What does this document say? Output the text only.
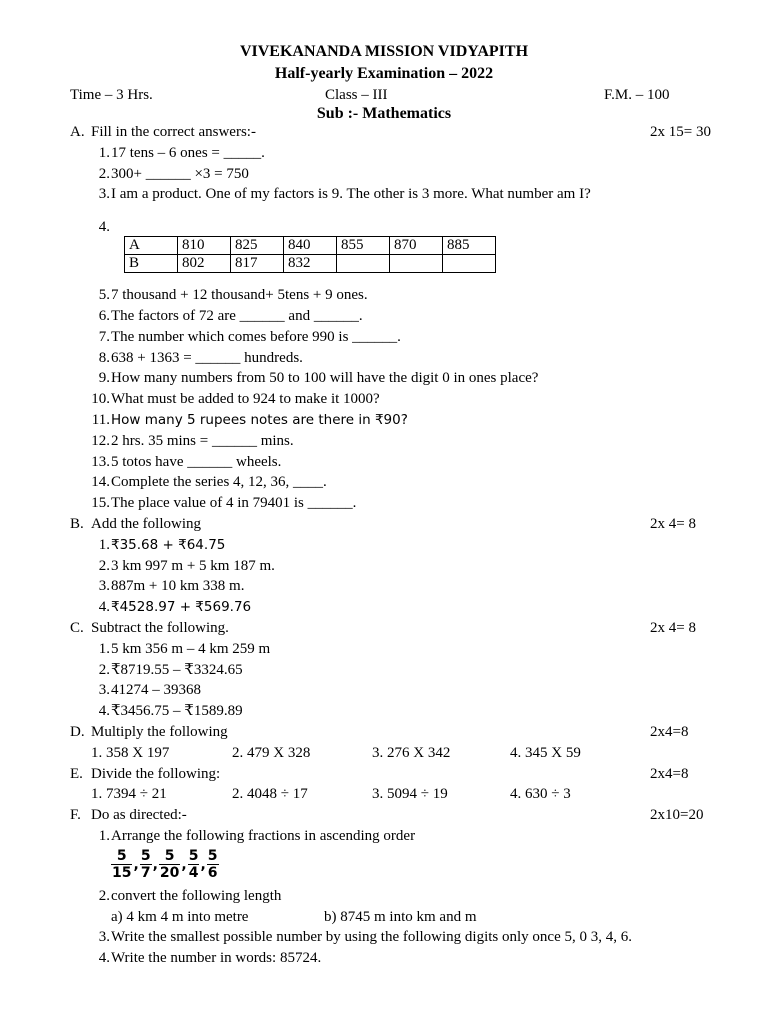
VIVEKANANDA MISSION VIDYAPITH
Half-yearly Examination – 2022
Time – 3 Hrs.	Class – III	F.M. – 100
Sub :- Mathematics
A. Fill in the correct answers:-	2x 15= 30
1. 17 tens – 6 ones = _____.
2. 300+ ______ ×3 = 750
3. I am a product. One of my factors is 9. The other is 3 more. What number am I?
4.
A	810	825	840	855	870	885
B	802	817	832			
5. 7 thousand + 12 thousand+ 5tens + 9 ones.
6. The factors of 72 are ______ and ______.
7. The number which comes before 990 is ______.
8. 638 + 1363 = ______ hundreds.
9. How many numbers from 50 to 100 will have the digit 0 in ones place?
10. What must be added to 924 to make it 1000?
11. How many 5 rupees notes are there in ₹90?
12. 2 hrs. 35 mins = ______ mins.
13. 5 totos have ______ wheels.
14. Complete the series 4, 12, 36, ____.
15. The place value of 4 in 79401 is ______.
B. Add the following	2x 4= 8
1. ₹35.68 + ₹64.75
2. 3 km 997 m + 5 km 187 m.
3. 887m + 10 km 338 m.
4. ₹4528.97 + ₹569.76
C. Subtract the following.	2x 4= 8
1. 5 km 356 m – 4 km 259 m
2. ₹8719.55 – ₹3324.65
3. 41274 – 39368
4. ₹3456.75 – ₹1589.89
D. Multiply the following	2x4=8
1. 358 X 197	2. 479 X 328	3. 276 X 342	4. 345 X 59
E. Divide the following:	2x4=8
1. 7394 ÷ 21	2. 4048 ÷ 17	3. 5094 ÷ 19	4. 630 ÷ 3
F. Do as directed:-	2x10=20
1. Arrange the following fractions in ascending order
$\frac{5}{15}$ , $\frac{5}{7}$ , $\frac{5}{20}$ , $\frac{5}{4}$ , $\frac{5}{6}$
2. convert the following length
a) 4 km 4 m into metre	b) 8745 m into km and m
3. Write the smallest possible number by using the following digits only once 5, 0 3, 4, 6.
4. Write the number in words: 85724.
